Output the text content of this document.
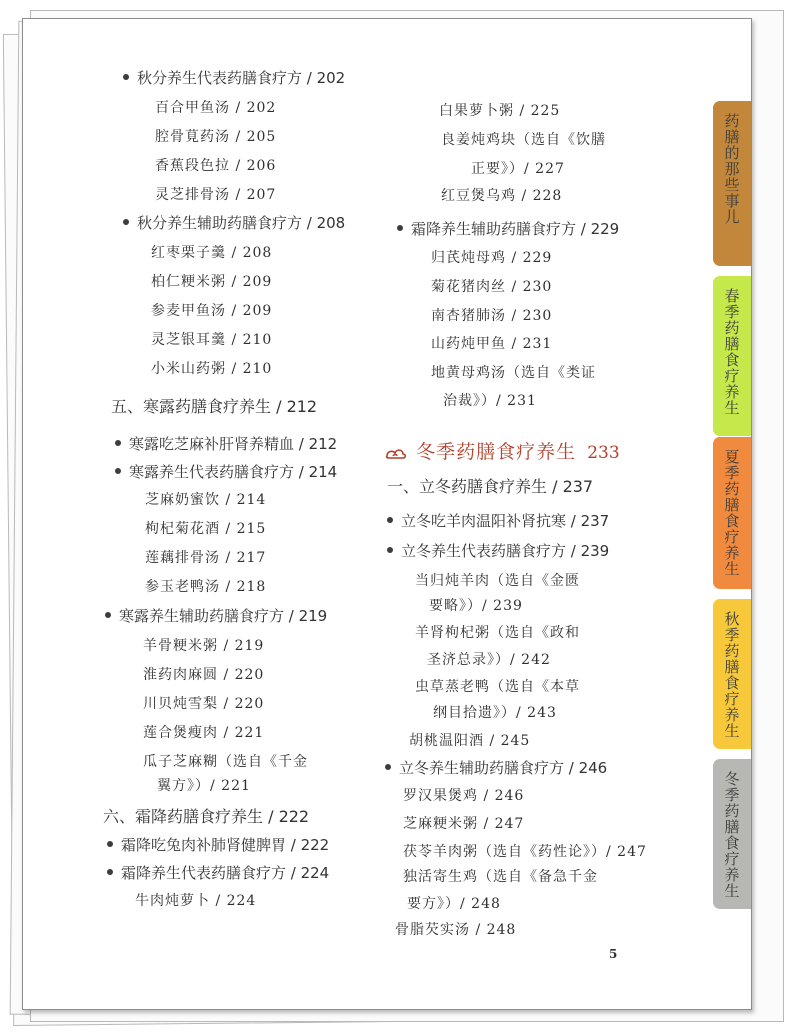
秋分养生代表药膳食疗方 / 202
百合甲鱼汤 / 202
腔骨莧药汤 / 205
香蕉段色拉 / 206
灵芝排骨汤 / 207
秋分养生辅助药膳食疗方 / 208
红枣栗子羹 / 208
柏仁粳米粥 / 209
参麦甲鱼汤 / 209
灵芝银耳羹 / 210
小米山药粥 / 210
五、寒露药膳食疗养生 / 212
寒露吃芝麻补肝肾养精血 / 212
寒露养生代表药膳食疗方 / 214
芝麻奶蜜饮 / 214
枸杞菊花酒 / 215
莲藕排骨汤 / 217
参玉老鸭汤 / 218
寒露养生辅助药膳食疗方 / 219
羊骨粳米粥 / 219
淮药肉麻圆 / 220
川贝炖雪梨 / 220
莲合煲瘦肉 / 221
瓜子芝麻糊（选自《千金
翼方》）/ 221
六、霜降药膳食疗养生 / 222
霜降吃兔肉补肺肾健脾胃 / 222
霜降养生代表药膳食疗方 / 224
牛肉炖萝卜 / 224
白果萝卜粥 / 225
良姜炖鸡块（选自《饮膳
正要》）/ 227
红豆煲乌鸡 / 228
霜降养生辅助药膳食疗方 / 229
归芪炖母鸡 / 229
菊花猪肉丝 / 230
南杏猪肺汤 / 230
山药炖甲鱼 / 231
地黄母鸡汤（选自《类证
治裁》）/ 231
冬季药膳食疗养生 233
一、立冬药膳食疗养生 / 237
立冬吃羊肉温阳补肾抗寒 / 237
立冬养生代表药膳食疗方 / 239
当归炖羊肉（选自《金匮
要略》）/ 239
羊肾枸杞粥（选自《政和
圣济总录》）/ 242
虫草蒸老鸭（选自《本草
纲目拾遗》）/ 243
胡桃温阳酒 / 245
立冬养生辅助药膳食疗方 / 246
罗汉果煲鸡 / 246
芝麻粳米粥 / 247
茯苓羊肉粥（选自《药性论》）/ 247
独活寄生鸡（选自《备急千金
要方》）/ 248
骨脂芡实汤 / 248
药膳的那些事儿
春季药膳食疗养生
夏季药膳食疗养生
秋季药膳食疗养生
冬季药膳食疗养生
5
